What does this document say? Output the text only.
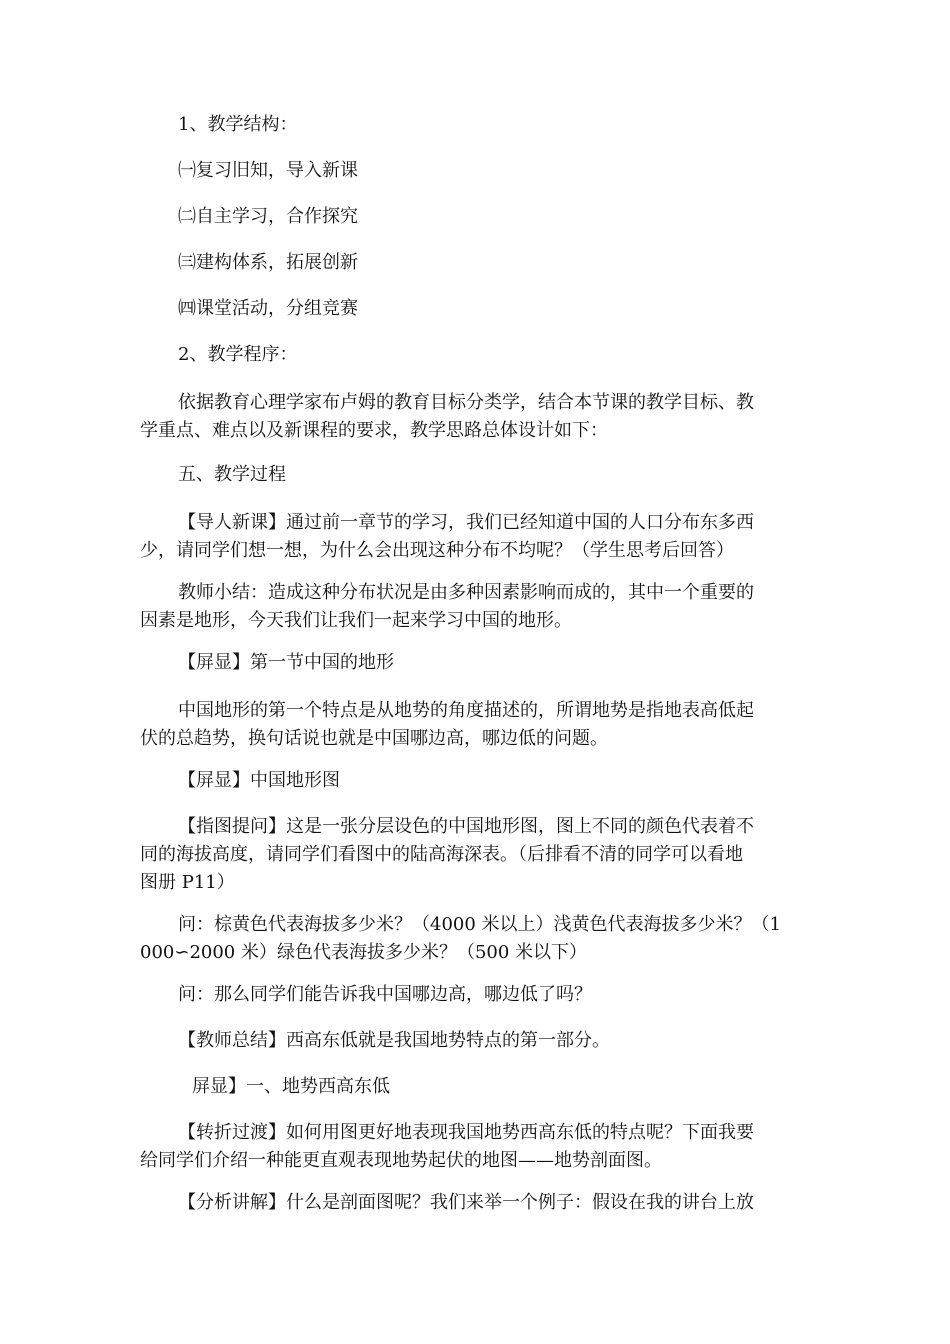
1、教学结构：
㈠复习旧知，导入新课
㈡自主学习，合作探究
㈢建构体系，拓展创新
㈣课堂活动，分组竞赛
2、教学程序：
依据教育心理学家布卢姆的教育目标分类学，结合本节课的教学目标、教
学重点、难点以及新课程的要求，教学思路总体设计如下：
五、教学过程
【导人新课】通过前一章节的学习，我们已经知道中国的人口分布东多西
少，请同学们想一想，为什么会出现这种分布不均呢？（学生思考后回答）
教师小结：造成这种分布状况是由多种因素影响而成的，其中一个重要的
因素是地形，今天我们让我们一起来学习中国的地形。
【屏显】第一节中国的地形
中国地形的第一个特点是从地势的角度描述的，所谓地势是指地表高低起
伏的总趋势，换句话说也就是中国哪边高，哪边低的问题。
【屏显】中国地形图
【指图提问】这是一张分层设色的中国地形图，图上不同的颜色代表着不
同的海拔高度，请同学们看图中的陆高海深表。（后排看不清的同学可以看地
图册 P11）
问：棕黄色代表海拔多少米？（4000 米以上）浅黄色代表海拔多少米？（1
000∽2000 米）绿色代表海拔多少米？（500 米以下）
问：那么同学们能告诉我中国哪边高，哪边低了吗？
【教师总结】西高东低就是我国地势特点的第一部分。
屏显】一、地势西高东低
【转折过渡】如何用图更好地表现我国地势西高东低的特点呢？下面我要
给同学们介绍一种能更直观表现地势起伏的地图——地势剖面图。
【分析讲解】什么是剖面图呢？我们来举一个例子：假设在我的讲台上放
